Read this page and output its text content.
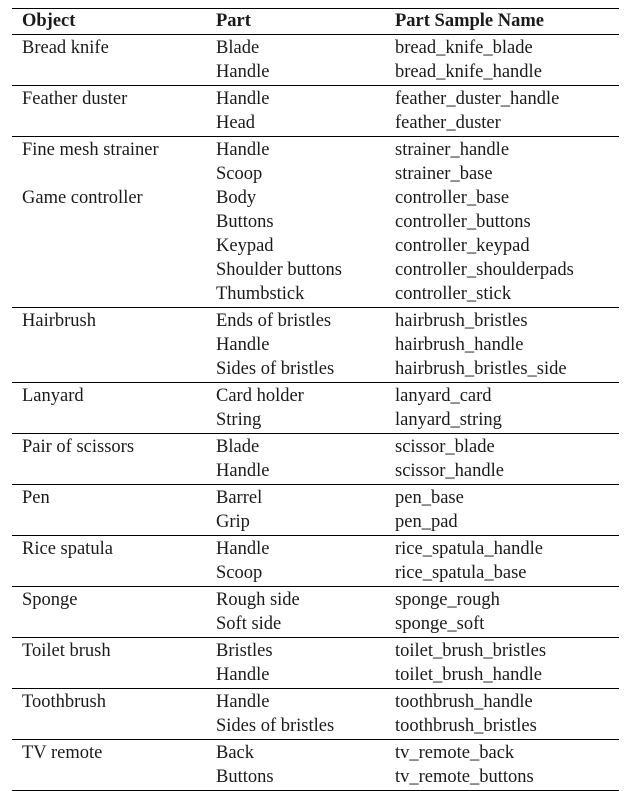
Object	Part	Part Sample Name
Bread knife	Blade	bread_knife_blade
	Handle	bread_knife_handle
Feather duster	Handle	feather_duster_handle
	Head	feather_duster
Fine mesh strainer	Handle	strainer_handle
	Scoop	strainer_base
Game controller	Body	controller_base
	Buttons	controller_buttons
	Keypad	controller_keypad
	Shoulder buttons	controller_shoulderpads
	Thumbstick	controller_stick
Hairbrush	Ends of bristles	hairbrush_bristles
	Handle	hairbrush_handle
	Sides of bristles	hairbrush_bristles_side
Lanyard	Card holder	lanyard_card
	String	lanyard_string
Pair of scissors	Blade	scissor_blade
	Handle	scissor_handle
Pen	Barrel	pen_base
	Grip	pen_pad
Rice spatula	Handle	rice_spatula_handle
	Scoop	rice_spatula_base
Sponge	Rough side	sponge_rough
	Soft side	sponge_soft
Toilet brush	Bristles	toilet_brush_bristles
	Handle	toilet_brush_handle
Toothbrush	Handle	toothbrush_handle
	Sides of bristles	toothbrush_bristles
TV remote	Back	tv_remote_back
	Buttons	tv_remote_buttons
